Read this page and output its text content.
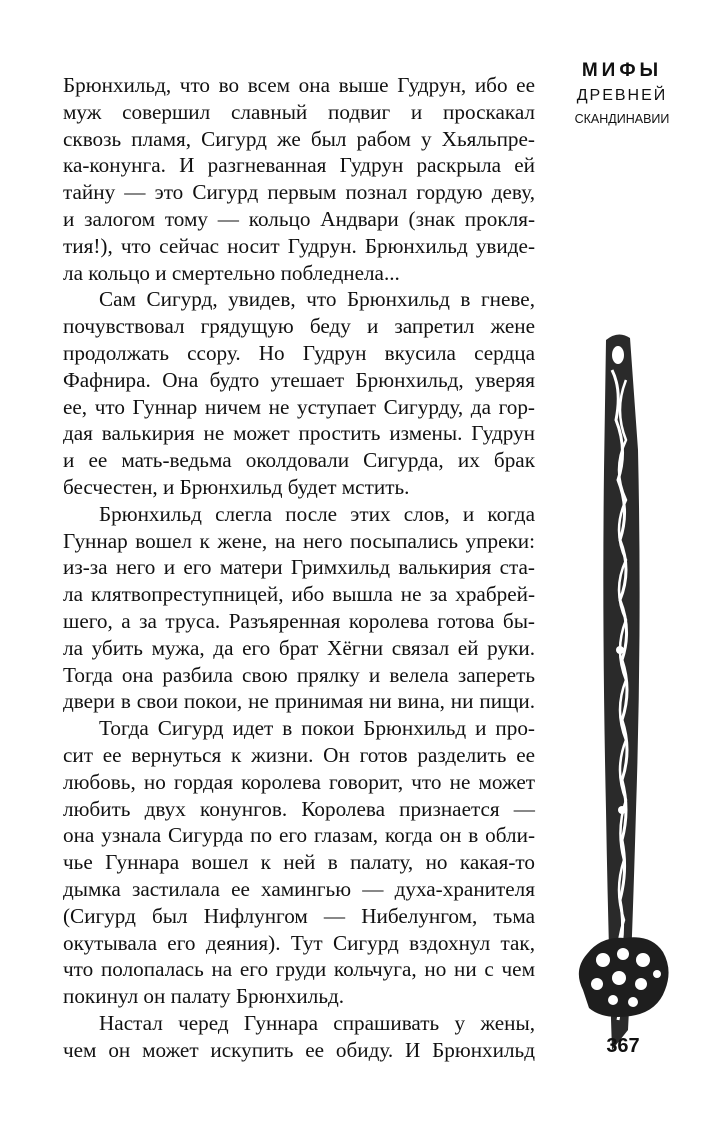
МИФЫ
ДРЕВНЕЙ
СКАНДИНАВИИ
Брюнхильд, что во всем она выше Гудрун, ибо ее
муж совершил славный подвиг и проскакал
сквозь пламя, Сигурд же был рабом у Хьяльпре-
ка-конунга. И разгневанная Гудрун раскрыла ей
тайну — это Сигурд первым познал гордую деву,
и залогом тому — кольцо Андвари (знак прокля-
тия!), что сейчас носит Гудрун. Брюнхильд увиде-
ла кольцо и смертельно побледнела...
Сам Сигурд, увидев, что Брюнхильд в гневе,
почувствовал грядущую беду и запретил жене
продолжать ссору. Но Гудрун вкусила сердца
Фафнира. Она будто утешает Брюнхильд, уверяя
ее, что Гуннар ничем не уступает Сигурду, да гор-
дая валькирия не может простить измены. Гудрун
и ее мать-ведьма околдовали Сигурда, их брак
бесчестен, и Брюнхильд будет мстить.
Брюнхильд слегла после этих слов, и когда
Гуннар вошел к жене, на него посыпались упреки:
из-за него и его матери Гримхильд валькирия ста-
ла клятвопреступницей, ибо вышла не за храбрей-
шего, а за труса. Разъяренная королева готова бы-
ла убить мужа, да его брат Хёгни связал ей руки.
Тогда она разбила свою прялку и велела запереть
двери в свои покои, не принимая ни вина, ни пищи.
Тогда Сигурд идет в покои Брюнхильд и про-
сит ее вернуться к жизни. Он готов разделить ее
любовь, но гордая королева говорит, что не может
любить двух конунгов. Королева признается —
она узнала Сигурда по его глазам, когда он в обли-
чье Гуннара вошел к ней в палату, но какая-то
дымка застилала ее хамингью — духа-хранителя
(Сигурд был Нифлунгом — Нибелунгом, тьма
окутывала его деяния). Тут Сигурд вздохнул так,
что полопалась на его груди кольчуга, но ни с чем
покинул он палату Брюнхильд.
Настал черед Гуннара спрашивать у жены,
чем он может искупить ее обиду. И Брюнхильд	367
